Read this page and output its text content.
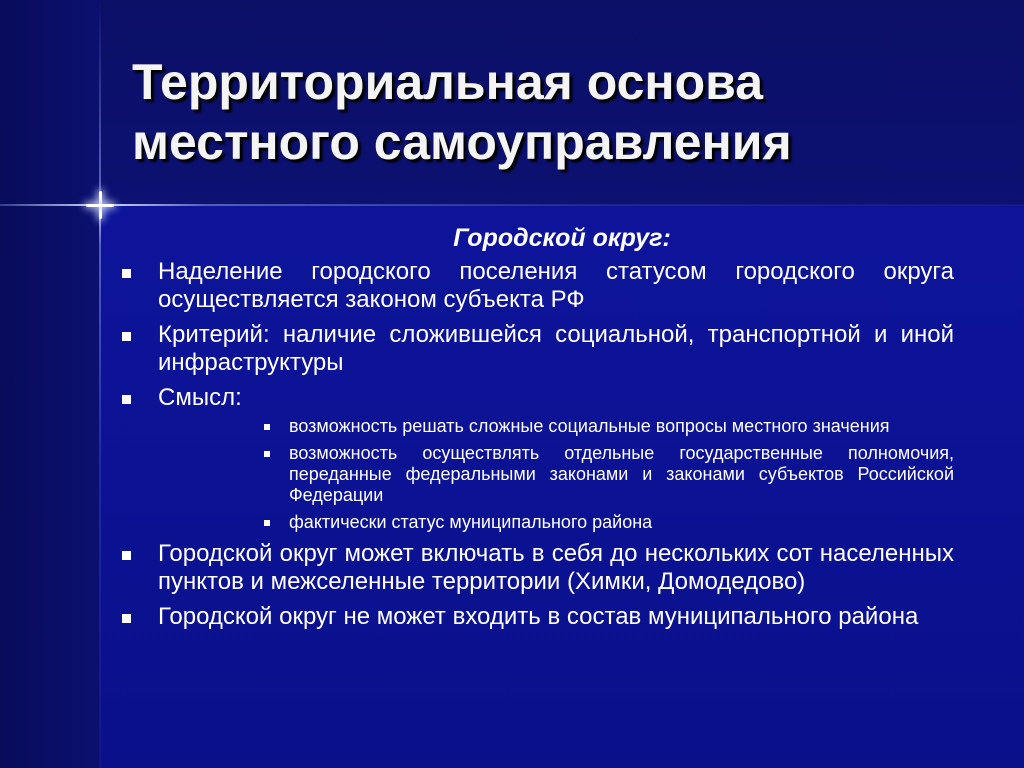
Территориальная основа
местного самоуправления
Городской округ:
Наделение городского поселения статусом городского округа осуществляется законом субъекта РФ
Критерий: наличие сложившейся социальной, транспортной и иной инфраструктуры
Смысл:
возможность решать сложные социальные вопросы местного значения
возможность осуществлять отдельные государственные полномочия, переданные федеральными законами и законами субъектов Российской Федерации
фактически статус муниципального района
Городской округ может включать в себя до нескольких сот населенных пунктов и межселенные территории (Химки, Домодедово)
Городской округ не может входить в состав муниципального района
